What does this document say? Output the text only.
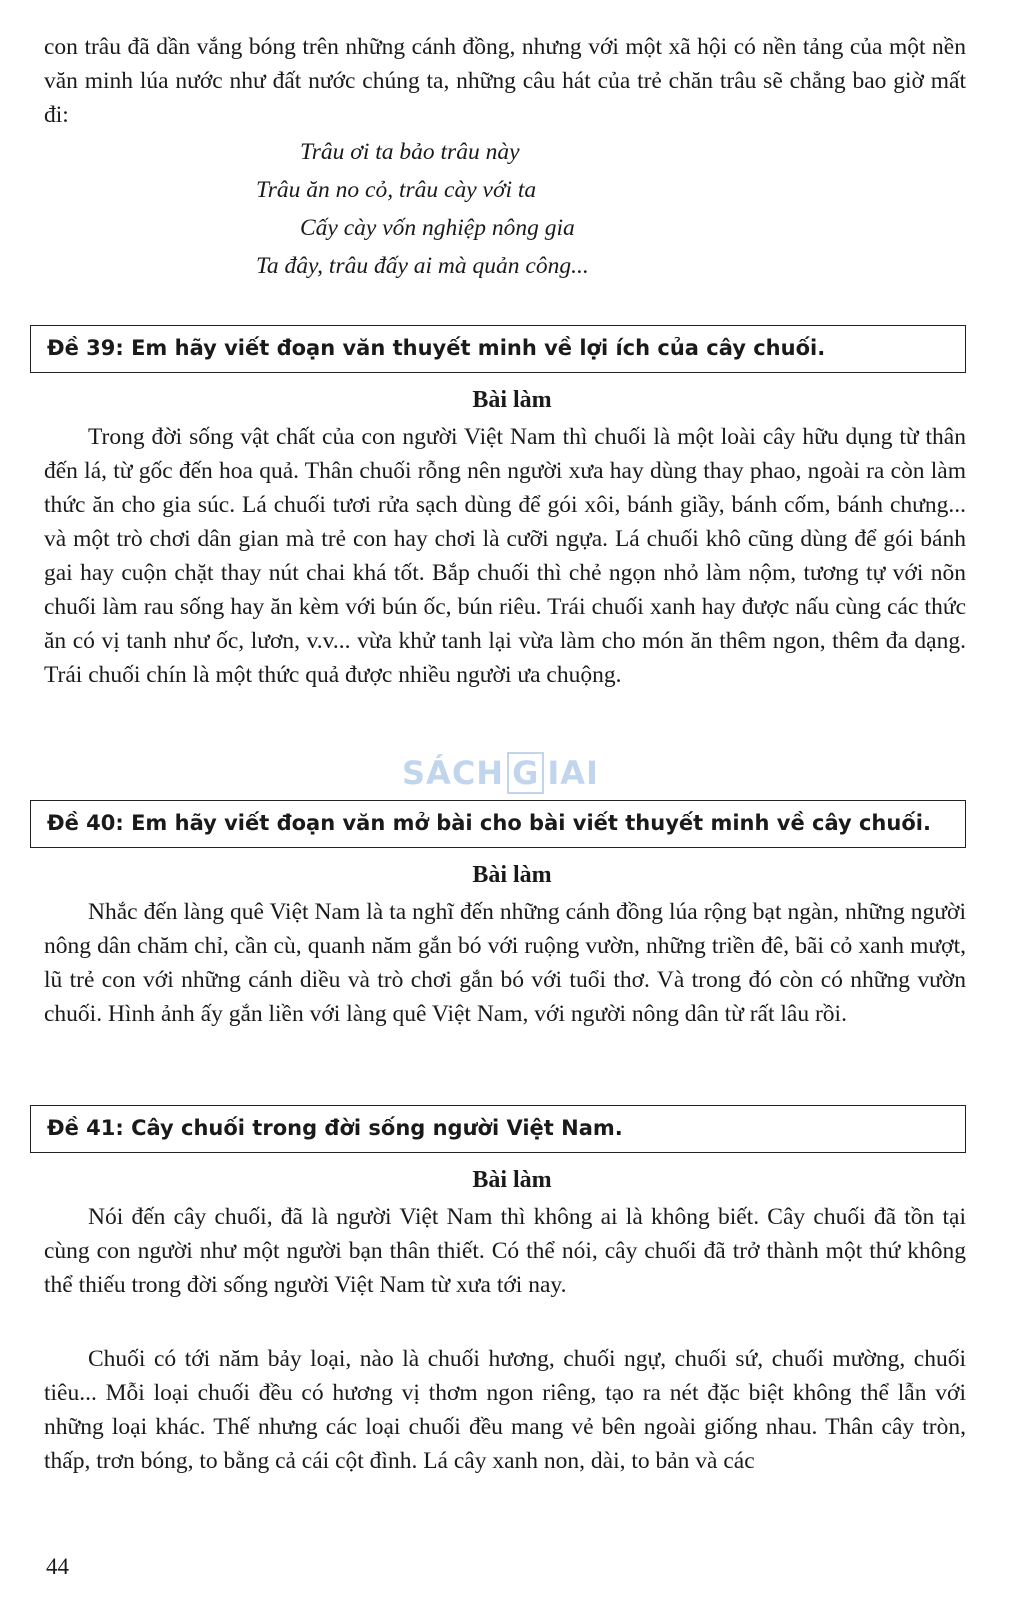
con trâu đã dần vắng bóng trên những cánh đồng, nhưng với một xã hội có nền tảng của một nền văn minh lúa nước như đất nước chúng ta, những câu hát của trẻ chăn trâu sẽ chẳng bao giờ mất đi:

Trâu ơi ta bảo trâu này
Trâu ăn no cỏ, trâu cày với ta
Cấy cày vốn nghiệp nông gia
Ta đây, trâu đấy ai mà quản công...
Đề 39: Em hãy viết đoạn văn thuyết minh về lợi ích của cây chuối.
Bài làm

Trong đời sống vật chất của con người Việt Nam thì chuối là một loài cây hữu dụng từ thân đến lá, từ gốc đến hoa quả. Thân chuối rỗng nên người xưa hay dùng thay phao, ngoài ra còn làm thức ăn cho gia súc. Lá chuối tươi rửa sạch dùng để gói xôi, bánh giầy, bánh cốm, bánh chưng... và một trò chơi dân gian mà trẻ con hay chơi là cưỡi ngựa. Lá chuối khô cũng dùng để gói bánh gai hay cuộn chặt thay nút chai khá tốt. Bắp chuối thì chẻ ngọn nhỏ làm nộm, tương tự với nõn chuối làm rau sống hay ăn kèm với bún ốc, bún riêu. Trái chuối xanh hay được nấu cùng các thức ăn có vị tanh như ốc, lươn, v.v... vừa khử tanh lại vừa làm cho món ăn thêm ngon, thêm đa dạng. Trái chuối chín là một thức quả được nhiều người ưa chuộng.

SÁCH G IAI
Đề 40: Em hãy viết đoạn văn mở bài cho bài viết thuyết minh về cây chuối.
Bài làm

Nhắc đến làng quê Việt Nam là ta nghĩ đến những cánh đồng lúa rộng bạt ngàn, những người nông dân chăm chỉ, cần cù, quanh năm gắn bó với ruộng vườn, những triền đê, bãi cỏ xanh mượt, lũ trẻ con với những cánh diều và trò chơi gắn bó với tuổi thơ. Và trong đó còn có những vườn chuối. Hình ảnh ấy gắn liền với làng quê Việt Nam, với người nông dân từ rất lâu rồi.

Đề 41: Cây chuối trong đời sống người Việt Nam.
Bài làm

Nói đến cây chuối, đã là người Việt Nam thì không ai là không biết. Cây chuối đã tồn tại cùng con người như một người bạn thân thiết. Có thể nói, cây chuối đã trở thành một thứ không thể thiếu trong đời sống người Việt Nam từ xưa tới nay.

Chuối có tới năm bảy loại, nào là chuối hương, chuối ngự, chuối sứ, chuối mường, chuối tiêu... Mỗi loại chuối đều có hương vị thơm ngon riêng, tạo ra nét đặc biệt không thể lẫn với những loại khác. Thế nhưng các loại chuối đều mang vẻ bên ngoài giống nhau. Thân cây tròn, thấp, trơn bóng, to bằng cả cái cột đình. Lá cây xanh non, dài, to bản và các

44
